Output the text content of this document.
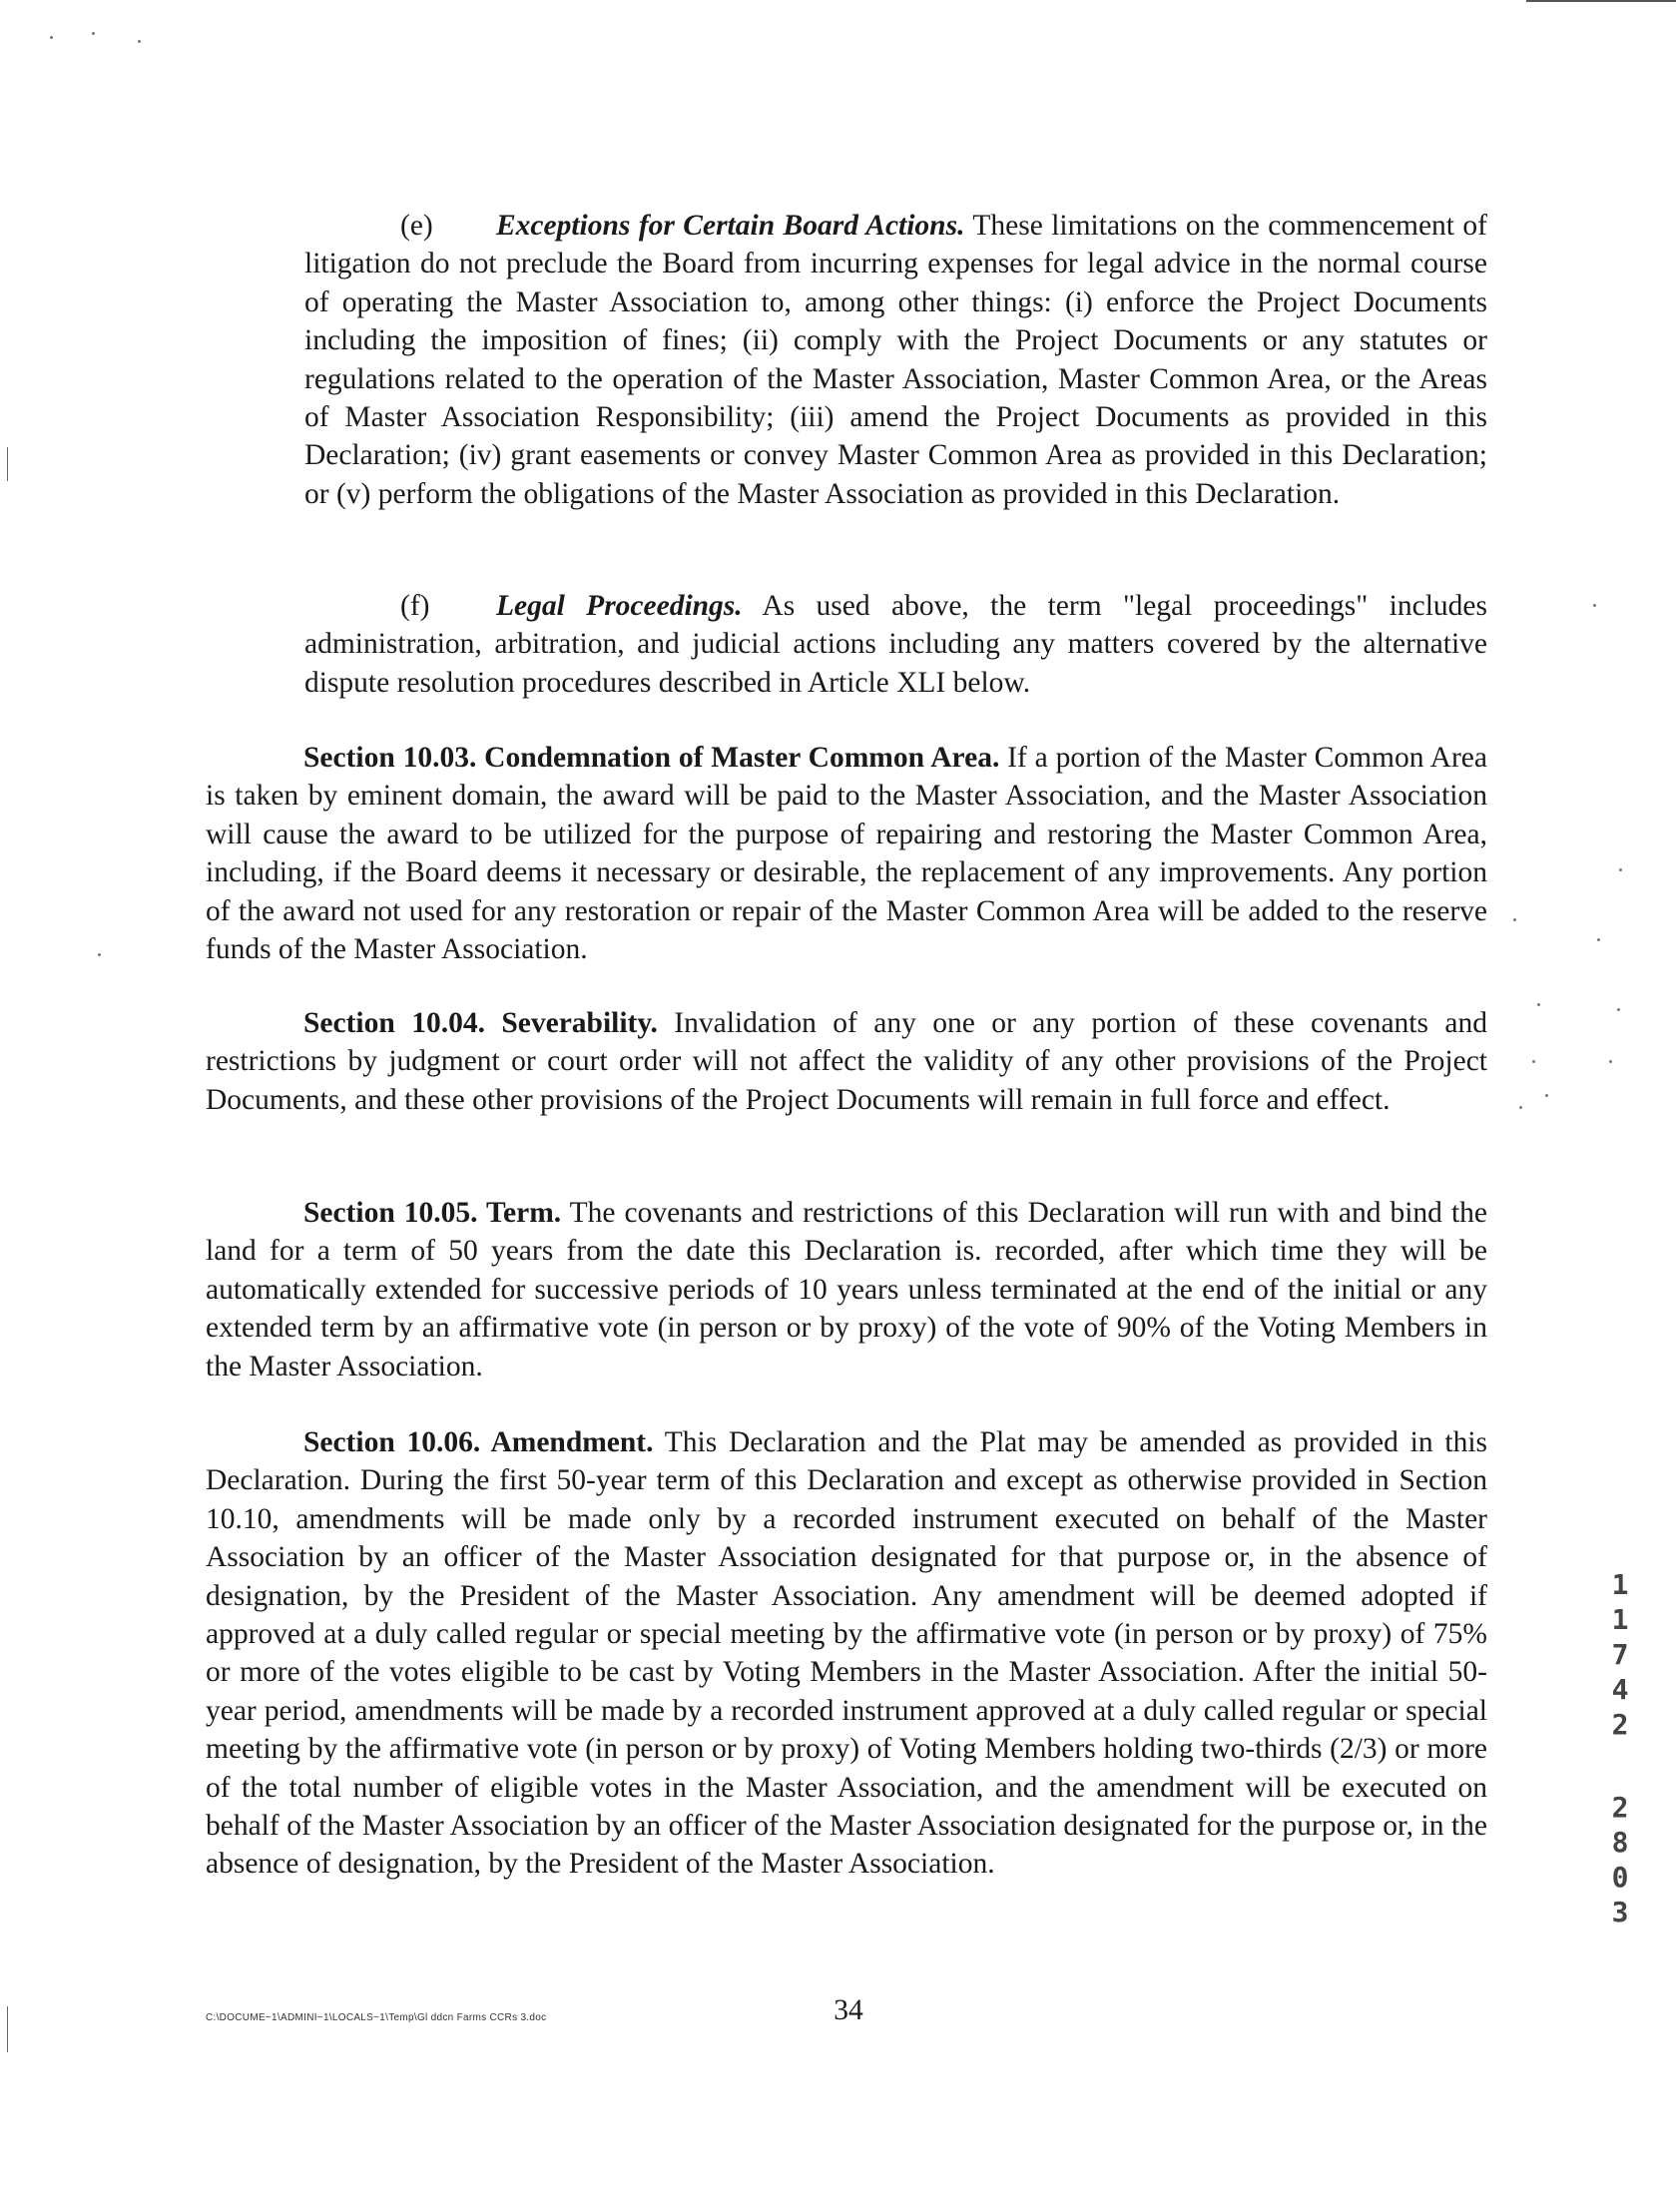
(e) Exceptions for Certain Board Actions. These limitations on the commencement of litigation do not preclude the Board from incurring expenses for legal advice in the normal course of operating the Master Association to, among other things: (i) enforce the Project Documents including the imposition of fines; (ii) comply with the Project Documents or any statutes or regulations related to the operation of the Master Association, Master Common Area, or the Areas of Master Association Responsibility; (iii) amend the Project Documents as provided in this Declaration; (iv) grant easements or convey Master Common Area as provided in this Declaration; or (v) perform the obligations of the Master Association as provided in this Declaration.

(f) Legal Proceedings. As used above, the term "legal proceedings" includes administration, arbitration, and judicial actions including any matters covered by the alternative dispute resolution procedures described in Article XLI below.

Section 10.03. Condemnation of Master Common Area. If a portion of the Master Common Area is taken by eminent domain, the award will be paid to the Master Association, and the Master Association will cause the award to be utilized for the purpose of repairing and restoring the Master Common Area, including, if the Board deems it necessary or desirable, the replacement of any improvements. Any portion of the award not used for any restoration or repair of the Master Common Area will be added to the reserve funds of the Master Association.

Section 10.04. Severability. Invalidation of any one or any portion of these covenants and restrictions by judgment or court order will not affect the validity of any other provisions of the Project Documents, and these other provisions of the Project Documents will remain in full force and effect.

Section 10.05. Term. The covenants and restrictions of this Declaration will run with and bind the land for a term of 50 years from the date this Declaration is. recorded, after which time they will be automatically extended for successive periods of 10 years unless terminated at the end of the initial or any extended term by an affirmative vote (in person or by proxy) of the vote of 90% of the Voting Members in the Master Association.

Section 10.06. Amendment. This Declaration and the Plat may be amended as provided in this Declaration. During the first 50-year term of this Declaration and except as otherwise provided in Section 10.10, amendments will be made only by a recorded instrument executed on behalf of the Master Association by an officer of the Master Association designated for that purpose or, in the absence of designation, by the President of the Master Association. Any amendment will be deemed adopted if approved at a duly called regular or special meeting by the affirmative vote (in person or by proxy) of 75% or more of the votes eligible to be cast by Voting Members in the Master Association. After the initial 50-year period, amendments will be made by a recorded instrument approved at a duly called regular or special meeting by the affirmative vote (in person or by proxy) of Voting Members holding two-thirds (2/3) or more of the total number of eligible votes in the Master Association, and the amendment will be executed on behalf of the Master Association by an officer of the Master Association designated for the purpose or, in the absence of designation, by the President of the Master Association.

1
1
7
4
2
2
8
0
3
C:\DOCUME~1\ADMINI~1\LOCALS~1\Temp\Gl ddcn Farms CCRs 3.doc	34
